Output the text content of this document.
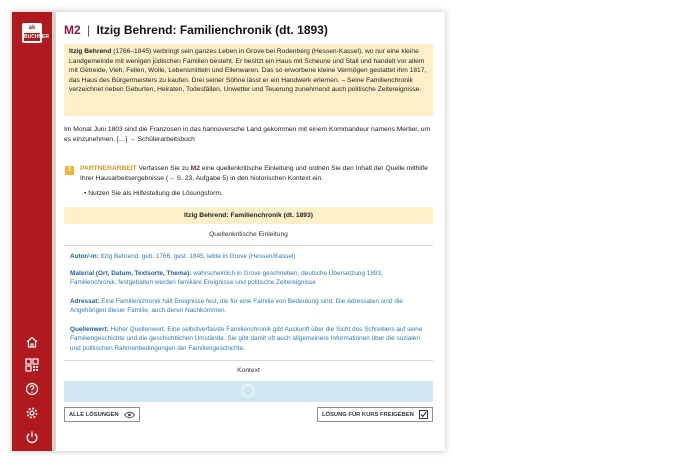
ak
BUCHNER M2 | Itzig Behrend: Familienchronik (dt. 1893)
Itzig Behrend (1766–1845) verbringt sein ganzes Leben in Grove bei Rodenberg (Hessen-Kassel), wo nur eine kleine Landgemeinde mit wenigen jüdischen Familien besteht. Er besitzt ein Haus mit Scheune und Stall und handelt vor allem mit Getreide, Vieh, Fellen, Wolle, Lebensmitteln und Ellenwaren. Das so erworbene kleine Vermögen gestattet ihm 1817, das Haus des Bürgermeisters zu kaufen. Drei seiner Söhne lässt er ein Handwerk erlernen. – Seine Familienchronik verzeichnet neben Geburten, Heiraten, Todesfällen, Unwetter und Teuerung zunehmend auch politische Zeitereignisse.
Im Monat Juni 1803 sind die Franzosen in das hannoversche Land gekommen mit einem Kommandeur namens Mertier, um es einzunehmen. […] → Schülerarbeitsbuch
2	PARTNERARBEIT Verfassen Sie zu M2 eine quellenkritische Einleitung und ordnen Sie den Inhalt der Quelle mithilfe Ihrer Hausarbeitsergebnisse (→ S. 23, Aufgabe 5) in den historischen Kontext ein.
• Nutzen Sie als Hilfestellung die Lösungsform.
Itzig Behrend: Familienchronik (dt. 1893)
Quellenkritische Einleitung
Autor/-in: Itzig Behrend, geb. 1766, gest. 1845, lebte in Grove (Hessen/Kassel)
Material (Ort, Datum, Textsorte, Thema): wahrscheinlich in Grove geschrieben, deutsche Übersetzung 1893, Familienchronik, festgehalten werden familiäre Ereignisse und politische Zeitereignisse
Adressat: Eine Familienchronik hält Ereignisse fest, die für eine Familie von Bedeutung sind. Die Adressaten sind die Angehörigen dieser Familie, auch deren Nachkommen.
Quellenwert: Hoher Quellenwert. Eine selbstverfasste Familienchronik gibt Auskunft über die Sicht des Schreibers auf seine Familiengeschichte und die geschichtlichen Umstände. Sie gibt damit oft auch allgemeinere Informationen über die sozialen und politischen Rahmenbedingungen der Familiengeschichte.
Kontext
ALLE LÖSUNGEN	LÖSUNG FÜR KURS FREIGEBEN
